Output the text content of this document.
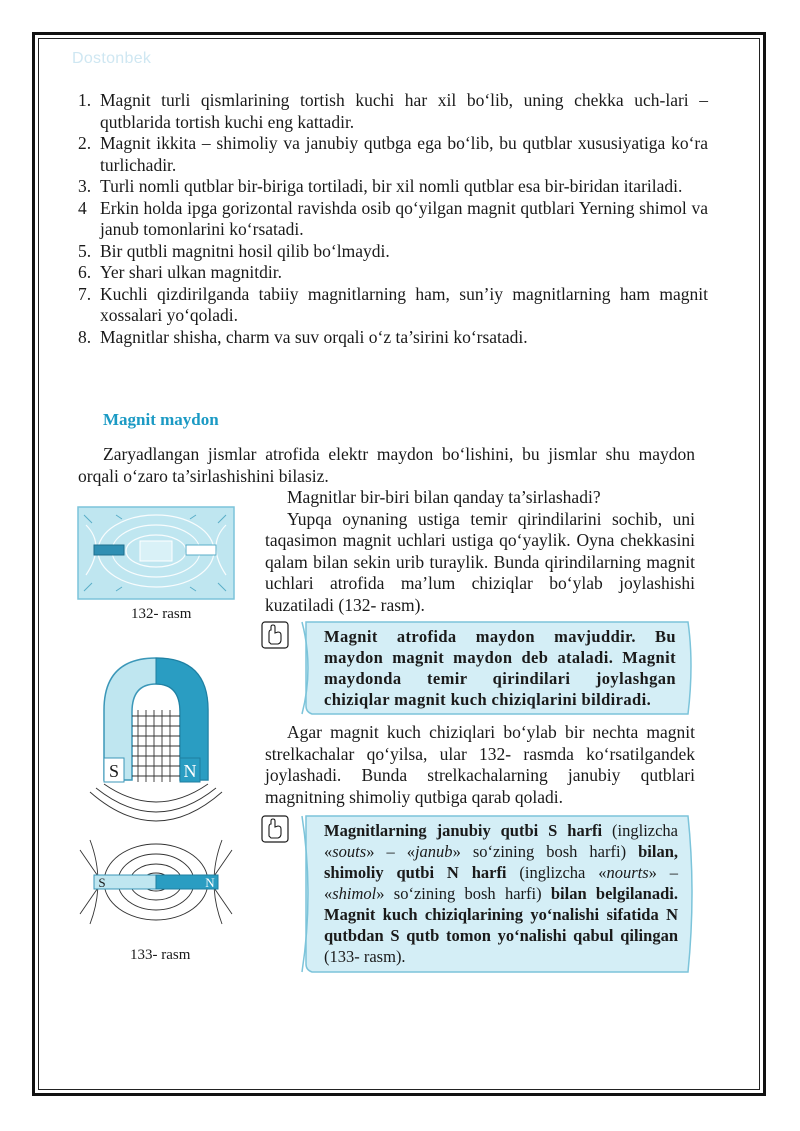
Dostonbek
1. Magnit turli qismlarining tortish kuchi har xil bo‘lib, uning chekka uch-lari – qutblarida tortish kuchi eng kattadir.
2. Magnit ikkita – shimoliy va janubiy qutbga ega bo‘lib, bu qutblar xususiyatiga ko‘ra turlichadir.
3. Turli nomli qutblar bir-biriga tortiladi, bir xil nomli qutblar esa bir-biridan itariladi.
4 Erkin holda ipga gorizontal ravishda osib qo‘yilgan magnit qutblari Yerning shimol va janub tomonlarini ko‘rsatadi.
5. Bir qutbli magnitni hosil qilib bo‘lmaydi.
6. Yer shari ulkan magnitdir.
7. Kuchli qizdirilganda tabiiy magnitlarning ham, sun’iy magnitlarning ham magnit xossalari yo‘qoladi.
8. Magnitlar shisha, charm va suv orqali o‘z ta’sirini ko‘rsatadi.
Magnit maydon
Zaryadlangan jismlar atrofida elektr maydon bo‘lishini, bu jismlar shu maydon orqali o‘zaro ta’sirlashishini bilasiz.
Magnitlar bir-biri bilan qanday ta’sirlashadi?
Yupqa oynaning ustiga temir qirindilarini sochib, uni taqasimon magnit uchlari ustiga qo‘yaylik. Oyna chekkasini qalam bilan sekin urib turaylik. Bunda qirindilarning magnit uchlari atrofida ma’lum chiziqlar bo‘ylab joylashishi kuzatiladi (132- rasm).
132- rasm
S	N
S	N
133- rasm
Magnit atrofida maydon mavjuddir. Bu maydon magnit maydon deb ataladi. Magnit maydonda temir qirindilari joylashgan chiziqlar magnit kuch chiziqlarini bildiradi.
Agar magnit kuch chiziqlari bo‘ylab bir nechta magnit strelkachalar qo‘yilsa, ular 132- rasmda ko‘rsatilgandek joylashadi. Bunda strelkachalarning janubiy qutblari magnitning shimoliy qutbiga qarab qoladi.
Magnitlarning janubiy qutbi S harfi (inglizcha «souts» – «janub» so‘zining bosh harfi) bilan, shimoliy qutbi N harfi (inglizcha «nourts» – «shimol» so‘zining bosh harfi) bilan belgilanadi. Magnit kuch chiziqlarining yo‘nalishi sifatida N qutbdan S qutb tomon yo‘nalishi qabul qilingan (133- rasm).
